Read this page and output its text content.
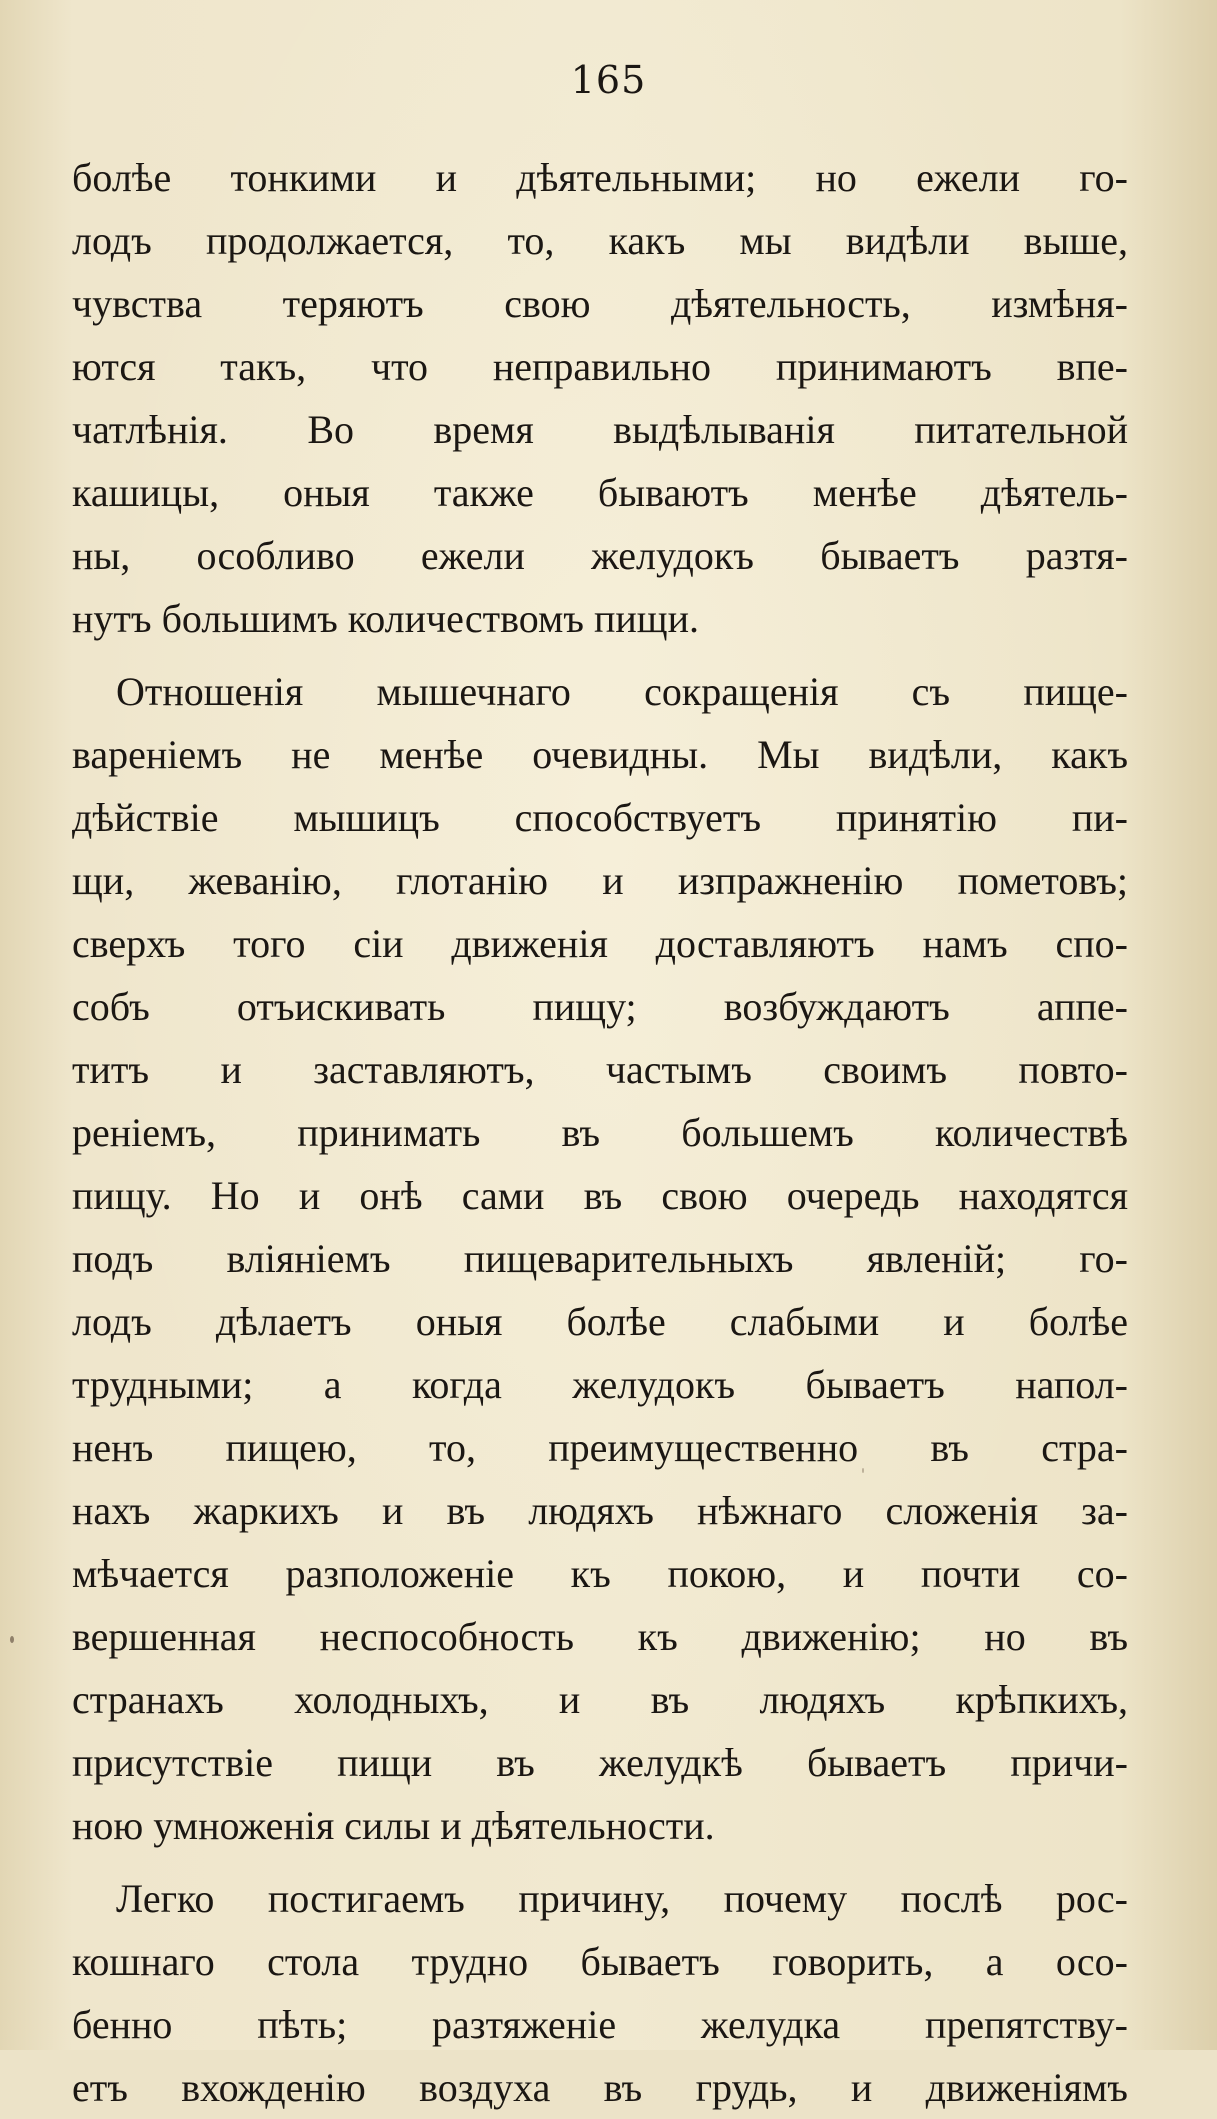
165
болѣе тонкими и дѣятельными; но ежели го-
лодъ продолжается, то, какъ мы видѣли выше,
чувства теряютъ свою дѣятельность, измѣня-
ются такъ, что неправильно принимаютъ впе-
чатлѣнія. Во время выдѣлыванія питательной
кашицы, оныя также бываютъ менѣе дѣятель-
ны, особливо ежели желудокъ бываетъ разтя-
нутъ большимъ количествомъ пищи.
Отношенія мышечнаго сокращенія съ пище-
вареніемъ не менѣе очевидны. Мы видѣли, какъ
дѣйствіе мышицъ способствуетъ принятію пи-
щи, жеванію, глотанію и изпражненію пометовъ;
сверхъ того сіи движенія доставляютъ намъ спо-
собъ отъискивать пищу; возбуждаютъ аппе-
титъ и заставляютъ, частымъ своимъ повто-
реніемъ, принимать въ большемъ количествѣ
пищу. Но и онѣ сами въ свою очередь находятся
подъ вліяніемъ пищеварительныхъ явленій; го-
лодъ дѣлаетъ оныя болѣе слабыми и болѣе
трудными; а когда желудокъ бываетъ напол-
ненъ пищею, то, преимущественно въ стра-
нахъ жаркихъ и въ людяхъ нѣжнаго сложенія за-
мѣчается разположеніе къ покою, и почти со-
вершенная неспособность къ движенію; но въ
странахъ холодныхъ, и въ людяхъ крѣпкихъ,
присутствіе пищи въ желудкѣ бываетъ причи-
ною умноженія силы и дѣятельности.
Легко постигаемъ причину, почему послѣ рос-
кошнаго стола трудно бываетъ говорить, а осо-
бенно пѣть; разтяженіе желудка препятству-
етъ вхожденію воздуха въ грудь, и движеніямъ
